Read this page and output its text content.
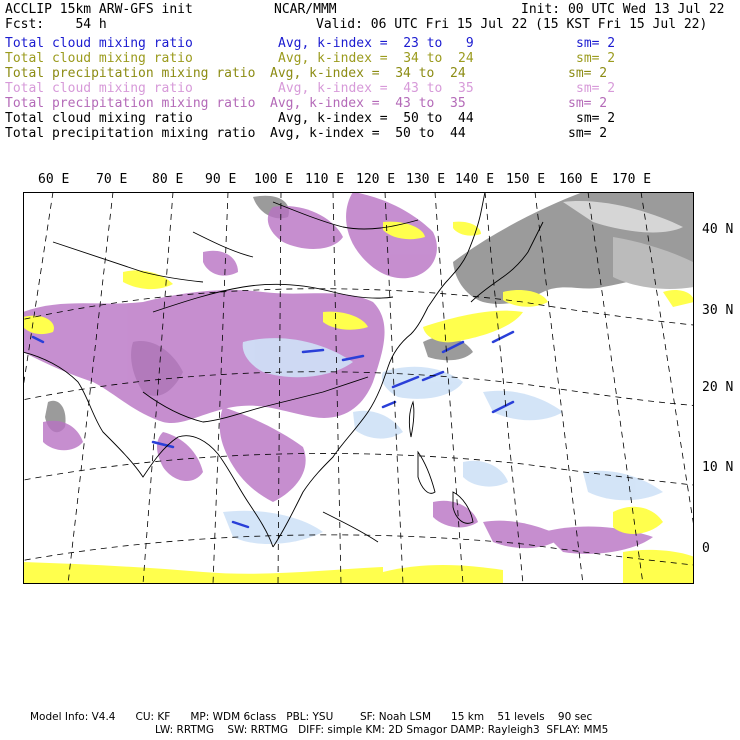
ACCLIP 15km ARW-GFS init	NCAR/MMM	Init: 00 UTC Wed 13 Jul 22
Fcst:    54 h	Valid: 06 UTC Fri 15 Jul 22 (15 KST Fri 15 Jul 22)
Total cloud mixing ratio	Avg, k-index =  23 to   9	sm= 2
Total cloud mixing ratio	Avg, k-index =  34 to  24	sm= 2
Total precipitation mixing ratio Avg, k-index =  34 to  24	sm= 2
Total cloud mixing ratio	Avg, k-index =  43 to  35	sm= 2
Total precipitation mixing ratio Avg, k-index =  43 to  35	sm= 2
Total cloud mixing ratio	Avg, k-index =  50 to  44	sm= 2
Total precipitation mixing ratio Avg, k-index =  50 to  44	sm= 2
60 E 70 E 80 E 90 E 100 E 110 E 120 E 130 E 140 E 150 E 160 E 170 E
40 N
30 N
20 N
10 N
0
Model Info: V4.4      CU: KF      MP: WDM 6class   PBL: YSU        SF: Noah LSM      15 km    51 levels    90 sec
LW: RRTMG    SW: RRTMG   DIFF: simple KM: 2D Smagor DAMP: Rayleigh3  SFLAY: MM5
